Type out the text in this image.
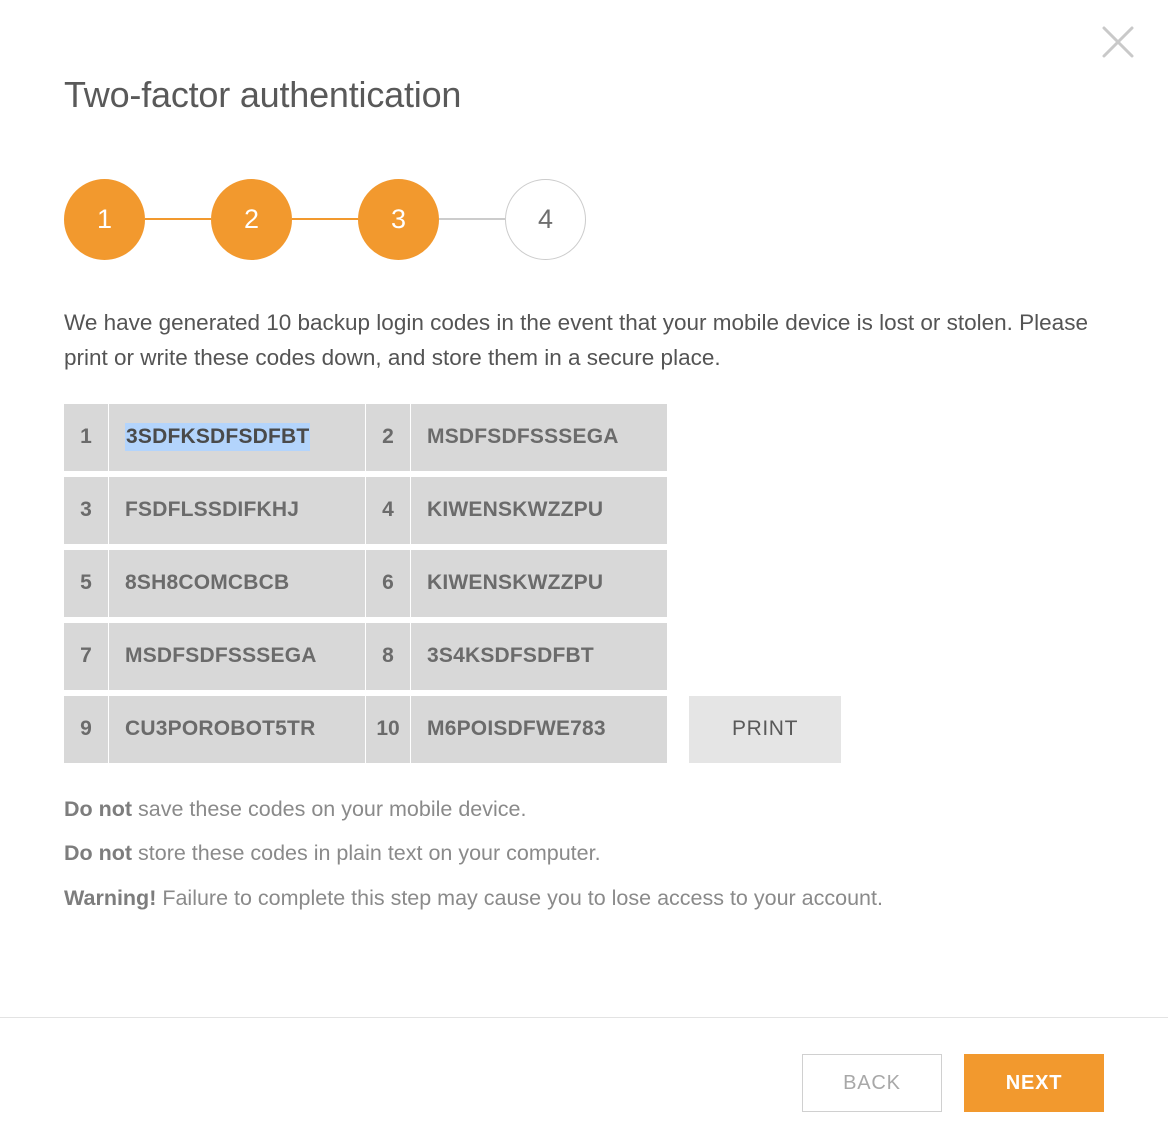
Two-factor authentication
1	2	3	4

We have generated 10 backup login codes in the event that your mobile device is lost or stolen. Please print or write these codes down, and store them in a secure place.

1	3SDFKSDFSDFBT	2	MSDFSDFSSSEGA
3	FSDFLSSDIFKHJ	4	KIWENSKWZZPU
5	8SH8COMCBCB	6	KIWENSKWZZPU
7	MSDFSDFSSSEGA	8	3S4KSDFSDFBT
9	CU3POROBOT5TR	10	M6POISDFWE783	PRINT
Do not save these codes on your mobile device.
Do not store these codes in plain text on your computer.
Warning! Failure to complete this step may cause you to lose access to your account.
BACK	NEXT
